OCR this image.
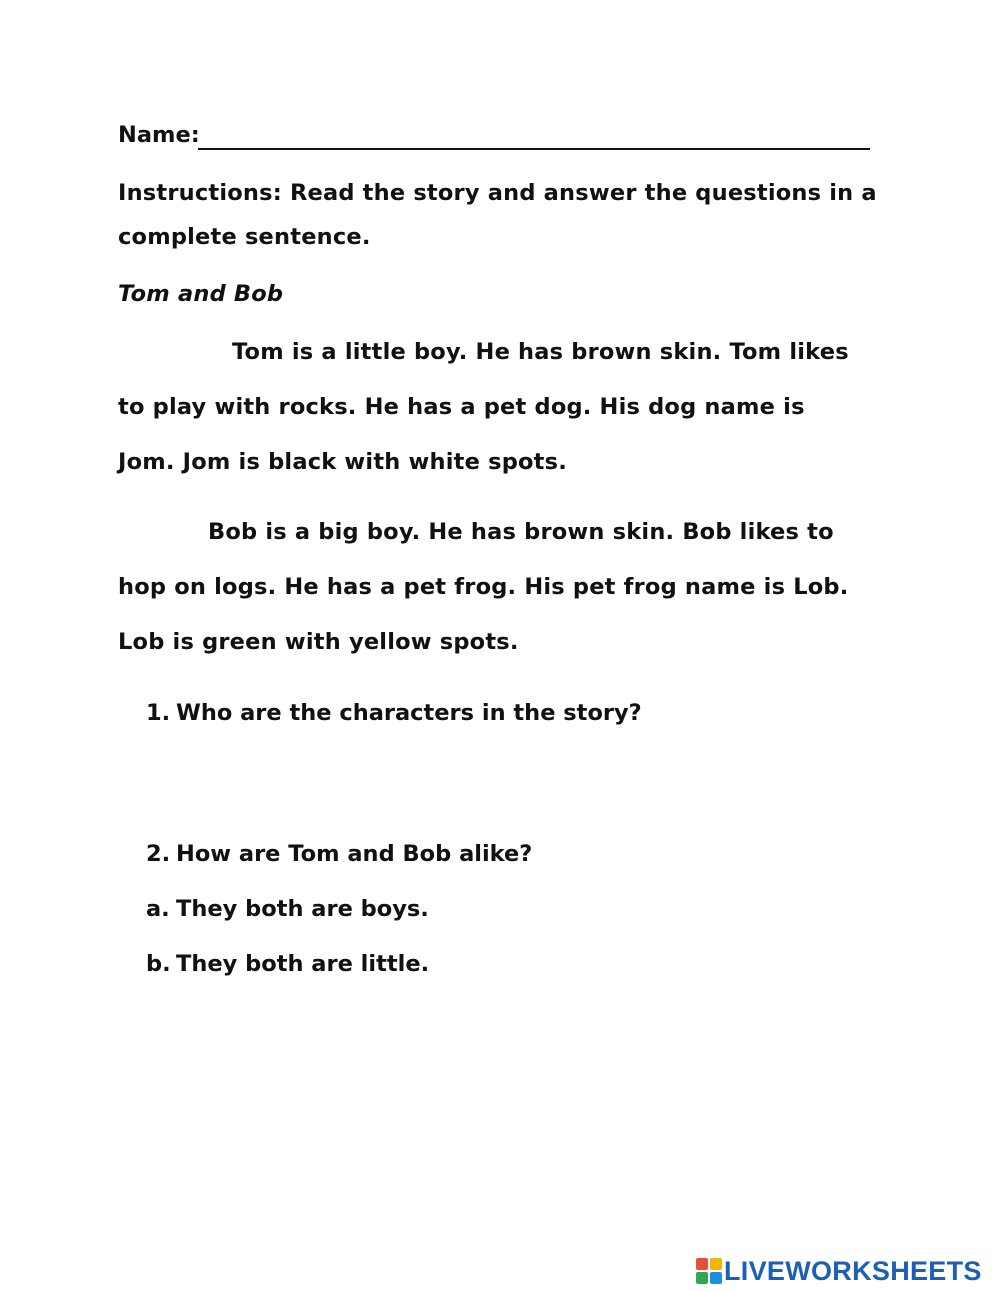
Name:
Instructions: Read the story and answer the questions in a
complete sentence.
Tom and Bob
Tom is a little boy. He has brown skin. Tom likes
to play with rocks. He has a pet dog. His dog name is
Jom. Jom is black with white spots.
Bob is a big boy. He has brown skin. Bob likes to
hop on logs. He has a pet frog. His pet frog name is Lob.
Lob is green with yellow spots.
1. Who are the characters in the story?
2. How are Tom and Bob alike?
a. They both are boys.
b. They both are little.
LIVEWORKSHEETS
